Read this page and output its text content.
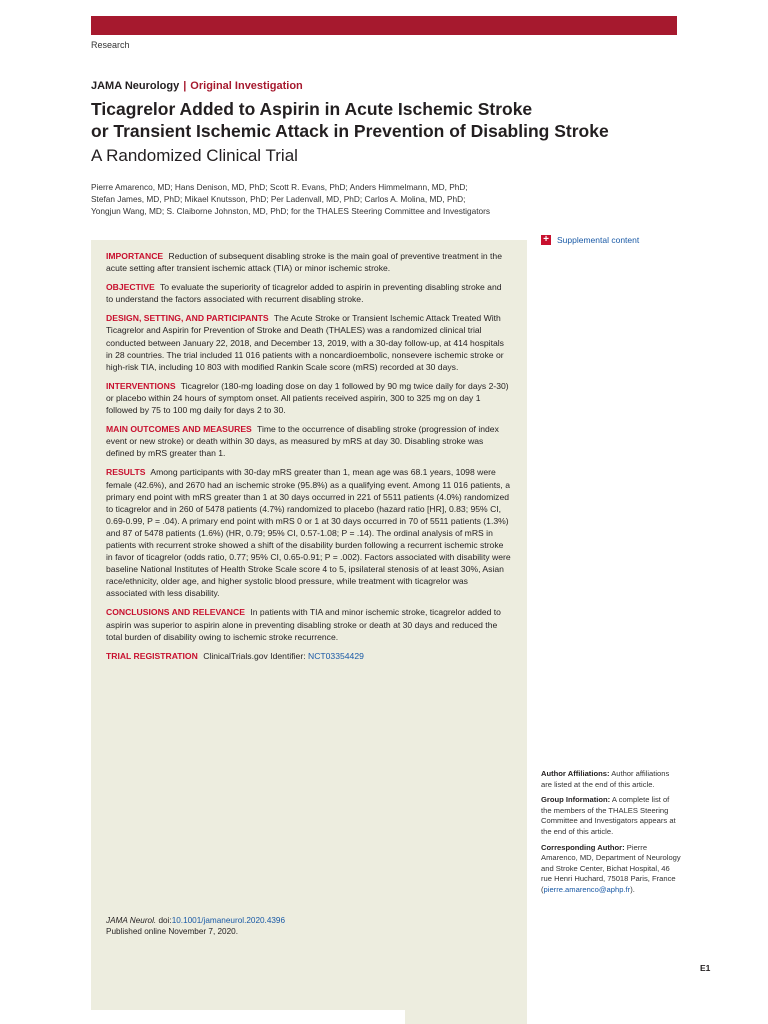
Research
JAMA Neurology | Original Investigation
Ticagrelor Added to Aspirin in Acute Ischemic Stroke
or Transient Ischemic Attack in Prevention of Disabling Stroke
A Randomized Clinical Trial
Pierre Amarenco, MD; Hans Denison, MD, PhD; Scott R. Evans, PhD; Anders Himmelmann, MD, PhD;
Stefan James, MD, PhD; Mikael Knutsson, PhD; Per Ladenvall, MD, PhD; Carlos A. Molina, MD, PhD;
Yongjun Wang, MD; S. Claiborne Johnston, MD, PhD; for the THALES Steering Committee and Investigators
+ Supplemental content

IMPORTANCE Reduction of subsequent disabling stroke is the main goal of preventive treatment in the acute setting after transient ischemic attack (TIA) or minor ischemic stroke.

OBJECTIVE To evaluate the superiority of ticagrelor added to aspirin in preventing disabling stroke and to understand the factors associated with recurrent disabling stroke.

DESIGN, SETTING, AND PARTICIPANTS The Acute Stroke or Transient Ischemic Attack Treated With Ticagrelor and Aspirin for Prevention of Stroke and Death (THALES) was a randomized clinical trial conducted between January 22, 2018, and December 13, 2019, with a 30-day follow-up, at 414 hospitals in 28 countries. The trial included 11 016 patients with a noncardioembolic, nonsevere ischemic stroke or high-risk TIA, including 10 803 with modified Rankin Scale score (mRS) recorded at 30 days.

INTERVENTIONS Ticagrelor (180-mg loading dose on day 1 followed by 90 mg twice daily for days 2-30) or placebo within 24 hours of symptom onset. All patients received aspirin, 300 to 325 mg on day 1 followed by 75 to 100 mg daily for days 2 to 30.

MAIN OUTCOMES AND MEASURES Time to the occurrence of disabling stroke (progression of index event or new stroke) or death within 30 days, as measured by mRS at day 30. Disabling stroke was defined by mRS greater than 1.

RESULTS Among participants with 30-day mRS greater than 1, mean age was 68.1 years, 1098 were female (42.6%), and 2670 had an ischemic stroke (95.8%) as a qualifying event. Among 11 016 patients, a primary end point with mRS greater than 1 at 30 days occurred in 221 of 5511 patients (4.0%) randomized to ticagrelor and in 260 of 5478 patients (4.7%) randomized to placebo (hazard ratio [HR], 0.83; 95% CI, 0.69-0.99, P = .04). A primary end point with mRS 0 or 1 at 30 days occurred in 70 of 5511 patients (1.3%) and 87 of 5478 patients (1.6%) (HR, 0.79; 95% CI, 0.57-1.08; P = .14). The ordinal analysis of mRS in patients with recurrent stroke showed a shift of the disability burden following a recurrent ischemic stroke in favor of ticagrelor (odds ratio, 0.77; 95% CI, 0.65-0.91; P = .002). Factors associated with disability were baseline National Institutes of Health Stroke Scale score 4 to 5, ipsilateral stenosis of at least 30%, Asian race/ethnicity, older age, and higher systolic blood pressure, while treatment with ticagrelor was associated with less disability.

CONCLUSIONS AND RELEVANCE In patients with TIA and minor ischemic stroke, ticagrelor added to aspirin was superior to aspirin alone in preventing disabling stroke or death at 30 days and reduced the total burden of disability owing to ischemic stroke recurrence.

TRIAL REGISTRATION ClinicalTrials.gov Identifier: NCT03354429

JAMA Neurol. doi:10.1001/jamaneurol.2020.4396
Published online November 7, 2020.

Author Affiliations: Author affiliations are listed at the end of this article.

Group Information: A complete list of the members of the THALES Steering Committee and Investigators appears at the end of this article.

Corresponding Author: Pierre Amarenco, MD, Department of Neurology and Stroke Center, Bichat Hospital, 46 rue Henri Huchard, 75018 Paris, France (pierre.amarenco@aphp.fr).

E1
